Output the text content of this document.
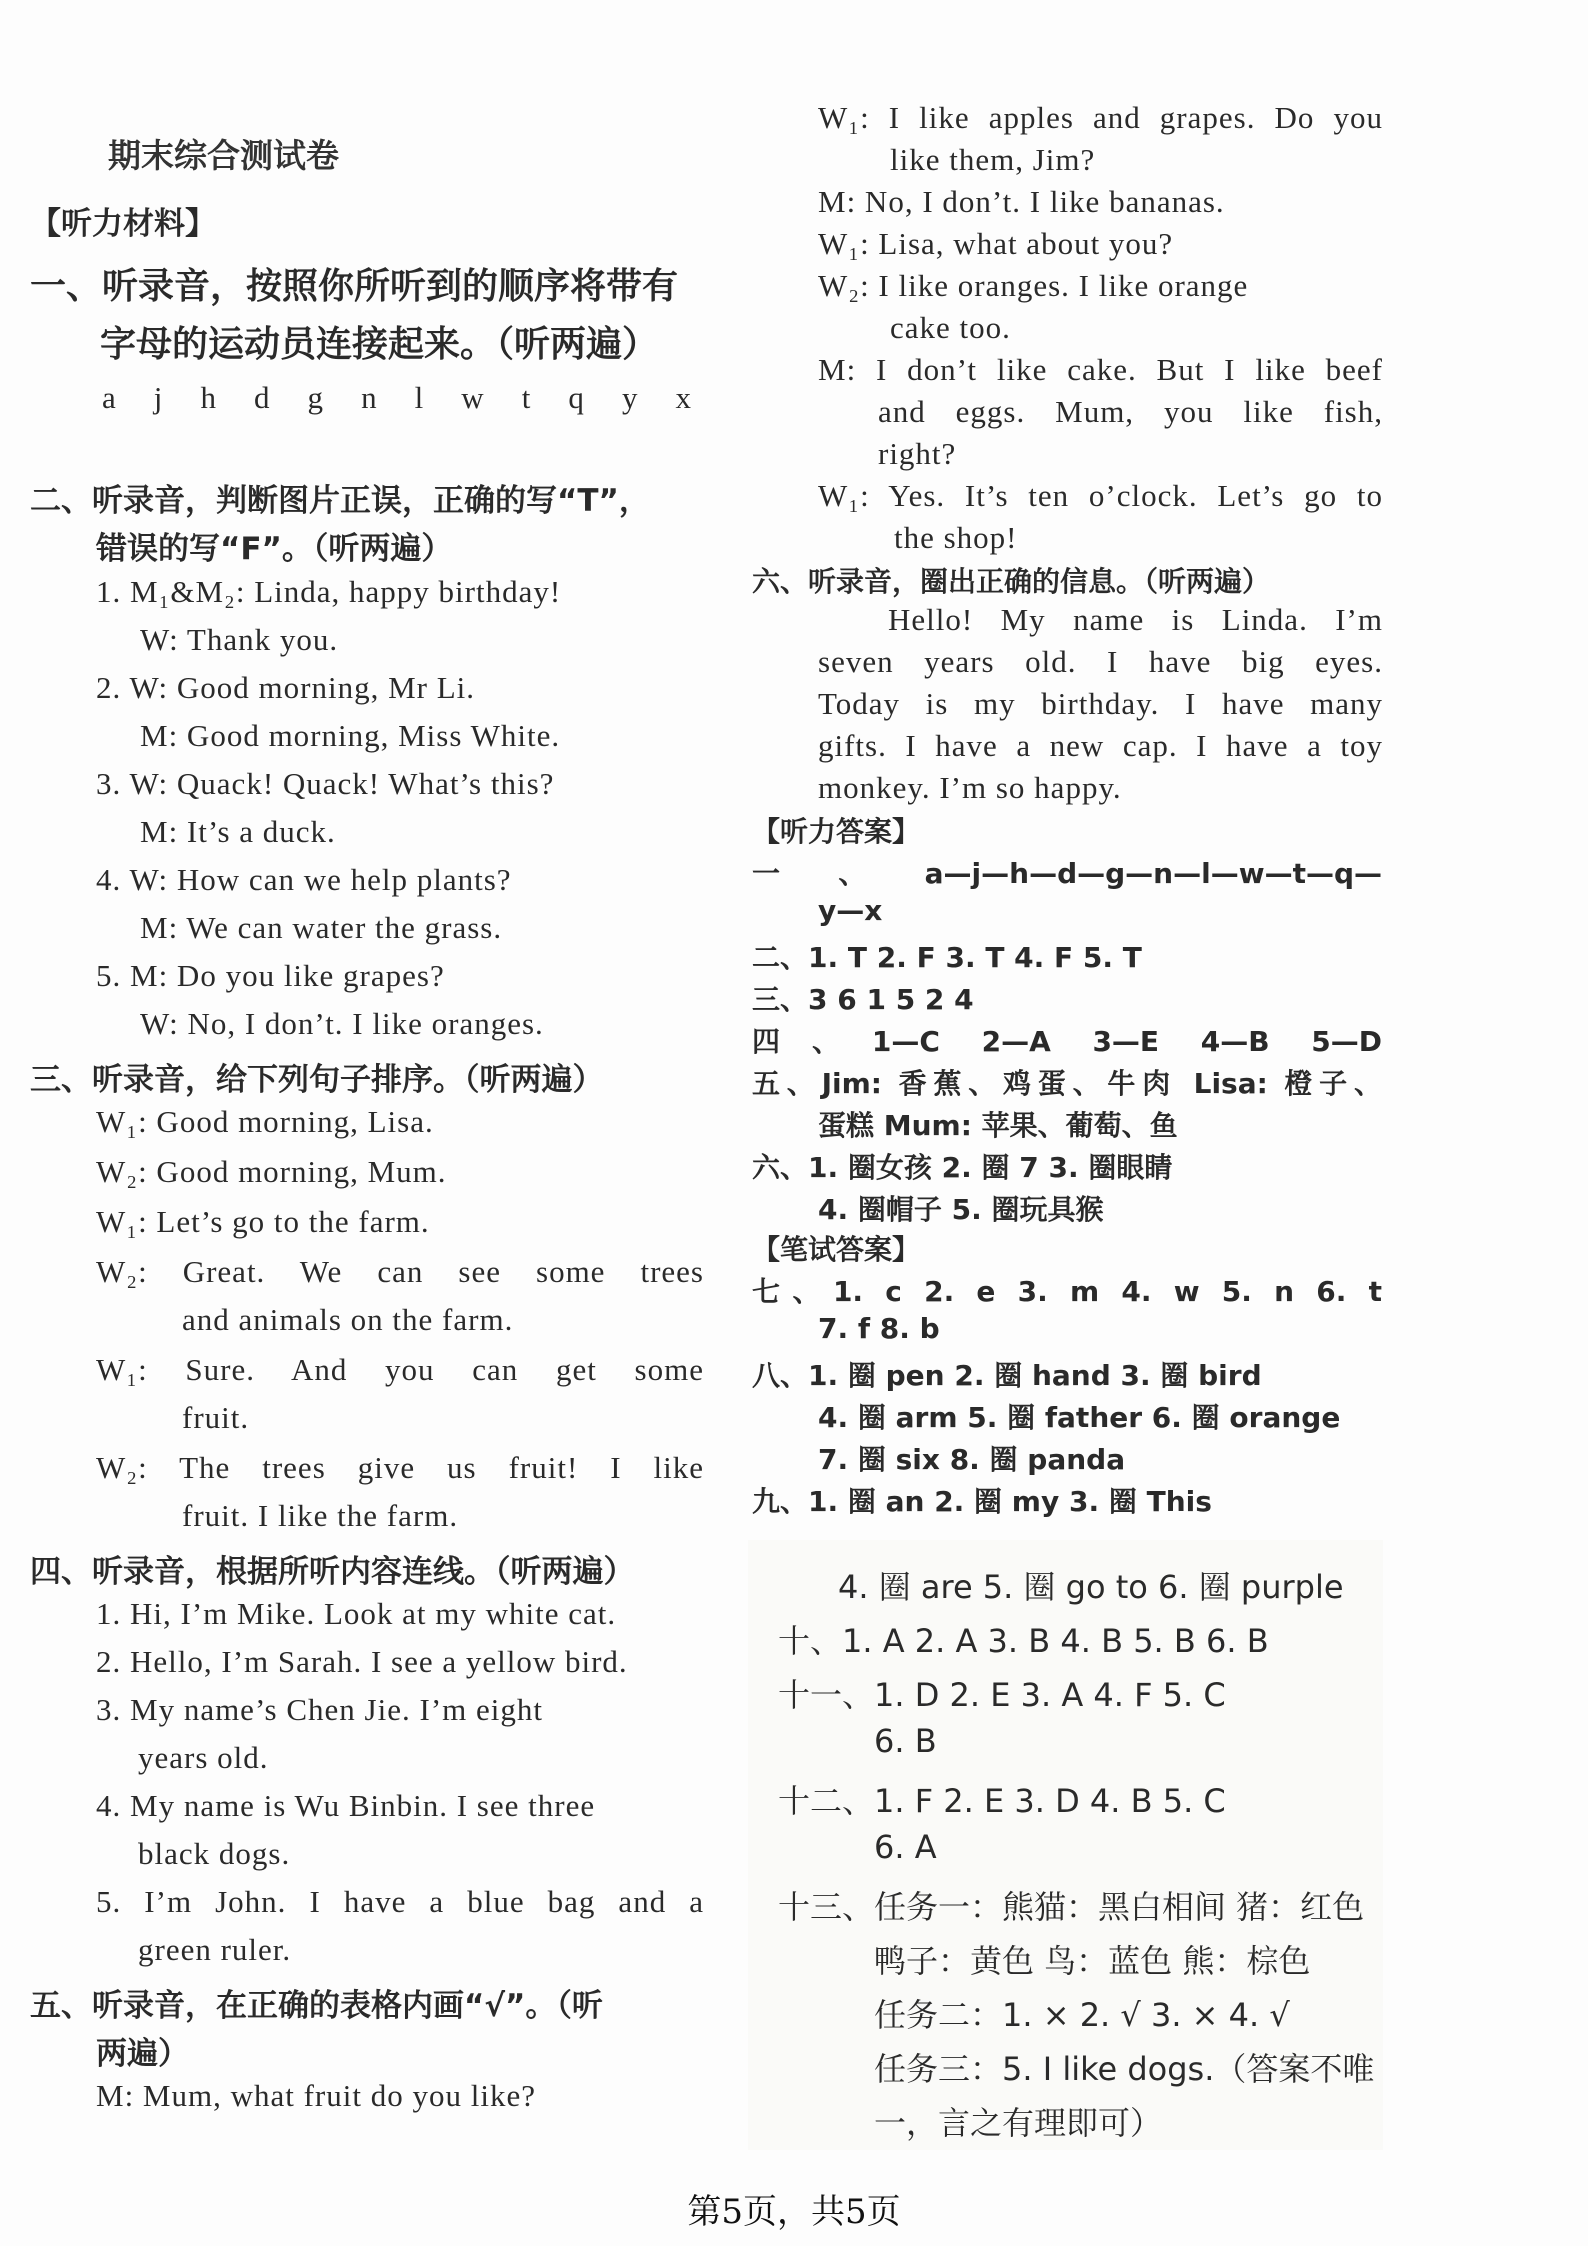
期末综合测试卷
【听力材料】
一、听录音，按照你所听到的顺序将带有
字母的运动员连接起来。（听两遍）
a j h d g n l w t q y x
二、听录音，判断图片正误，正确的写“T”，
错误的写“F”。（听两遍）
1. M₁&M₂: Linda, happy birthday!
W: Thank you.
2. W: Good morning, Mr Li.
M: Good morning, Miss White.
3. W: Quack! Quack! What’s this?
M: It’s a duck.
4. W: How can we help plants?
M: We can water the grass.
5. M: Do you like grapes?
W: No, I don’t. I like oranges.
三、听录音，给下列句子排序。（听两遍）
W₁: Good morning, Lisa.
W₂: Good morning, Mum.
W₁: Let’s go to the farm.
W₂: Great. We can see some trees
and animals on the farm.
W₁: Sure. And you can get some
fruit.
W₂: The trees give us fruit! I like
fruit. I like the farm.
四、听录音，根据所听内容连线。（听两遍）
1. Hi, I’m Mike. Look at my white cat.
2. Hello, I’m Sarah. I see a yellow bird.
3. My name’s Chen Jie. I’m eight
years old.
4. My name is Wu Binbin. I see three
black dogs.
5. I’m John. I have a blue bag and a
green ruler.
五、听录音，在正确的表格内画“√”。（听
两遍）
M: Mum, what fruit do you like?
W₁: I like apples and grapes. Do you
like them, Jim?
M: No, I don’t. I like bananas.
W₁: Lisa, what about you?
W₂: I like oranges. I like orange
cake too.
M: I don’t like cake. But I like beef
and eggs. Mum, you like fish,
right?
W₁: Yes. It’s ten o’clock. Let’s go to
the shop!
六、听录音，圈出正确的信息。（听两遍）
Hello! My name is Linda. I’m
seven years old. I have big eyes.
Today is my birthday. I have many
gifts. I have a new cap. I have a toy
monkey. I’m so happy.
【听力答案】
一、a—j—h—d—g—n—l—w—t—q—
y—x
二、1. T 2. F 3. T 4. F 5. T
三、3 6 1 5 2 4
四、1—C 2—A 3—E 4—B 5—D
五、Jim: 香蕉、鸡蛋、牛肉 Lisa: 橙子、
蛋糕 Mum: 苹果、葡萄、鱼
六、1. 圈女孩 2. 圈 7 3. 圈眼睛
4. 圈帽子 5. 圈玩具猴
【笔试答案】
七、1. c 2. e 3. m 4. w 5. n 6. t
7. f 8. b
八、1. 圈 pen 2. 圈 hand 3. 圈 bird
4. 圈 arm 5. 圈 father 6. 圈 orange
7. 圈 six 8. 圈 panda
九、1. 圈 an 2. 圈 my 3. 圈 This
4. 圈 are 5. 圈 go to 6. 圈 purple
十、1. A 2. A 3. B 4. B 5. B 6. B
十一、1. D 2. E 3. A 4. F 5. C
6. B
十二、1. F 2. E 3. D 4. B 5. C
6. A
十三、任务一：熊猫：黑白相间 猪：红色
鸭子：黄色 鸟：蓝色 熊：棕色
任务二：1. × 2. √ 3. × 4. √
任务三：5. I like dogs.（答案不唯
一，言之有理即可）
第5页，共5页
